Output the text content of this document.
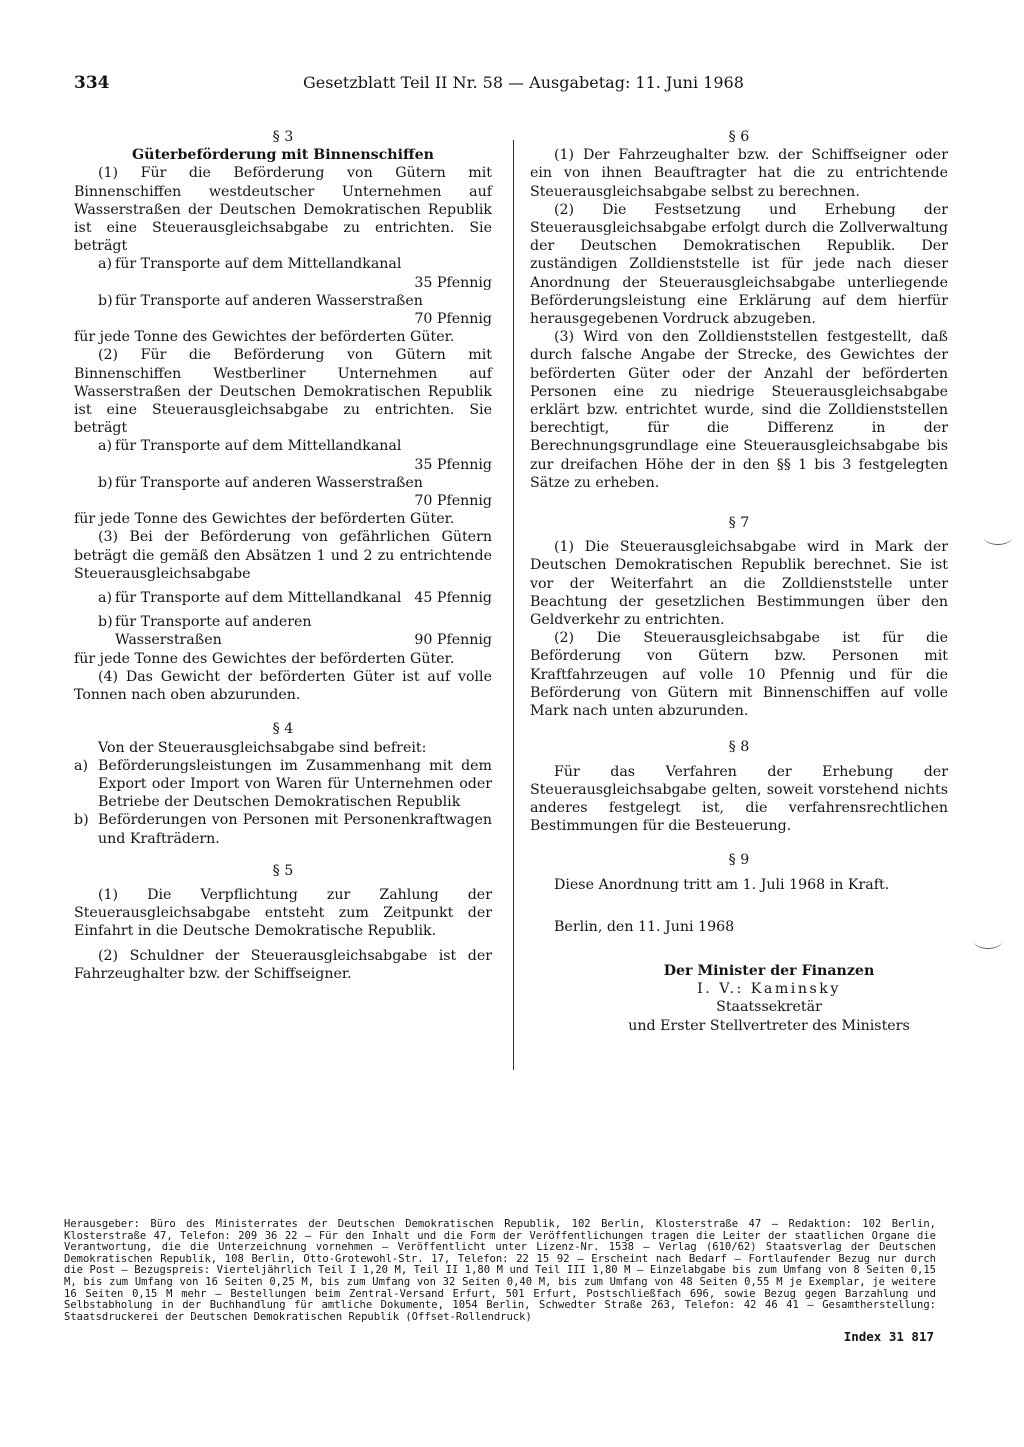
334	Gesetzblatt Teil II Nr. 58 — Ausgabetag: 11. Juni 1968

§ 3

Güterbeförderung mit Binnenschiffen

(1) Für die Beförderung von Gütern mit Binnenschiffen westdeutscher Unternehmen auf Wasserstraßen der Deutschen Demokratischen Republik ist eine Steuerausgleichsabgabe zu entrichten. Sie beträgt

a) für Transporte auf dem Mittellandkanal

35 Pfennig

b) für Transporte auf anderen Wasserstraßen

70 Pfennig

für jede Tonne des Gewichtes der beförderten Güter.

(2) Für die Beförderung von Gütern mit Binnenschiffen Westberliner Unternehmen auf Wasserstraßen der Deutschen Demokratischen Republik ist eine Steuerausgleichsabgabe zu entrichten. Sie beträgt

a) für Transporte auf dem Mittellandkanal

35 Pfennig

b) für Transporte auf anderen Wasserstraßen

70 Pfennig

für jede Tonne des Gewichtes der beförderten Güter.

(3) Bei der Beförderung von gefährlichen Gütern beträgt die gemäß den Absätzen 1 und 2 zu entrichtende Steuerausgleichsabgabe

a) für Transporte auf dem Mittellandkanal 45 Pfennig
b) für Transporte auf anderen Wasserstraßen	90 Pfennig

für jede Tonne des Gewichtes der beförderten Güter.

(4) Das Gewicht der beförderten Güter ist auf volle Tonnen nach oben abzurunden.

§ 4

Von der Steuerausgleichsabgabe sind befreit:

a) Beförderungsleistungen im Zusammenhang mit dem Export oder Import von Waren für Unternehmen oder Betriebe der Deutschen Demokratischen Republik
b) Beförderungen von Personen mit Personenkraftwagen und Krafträdern.

§ 5

(1) Die Verpflichtung zur Zahlung der Steuerausgleichsabgabe entsteht zum Zeitpunkt der Einfahrt in die Deutsche Demokratische Republik.

(2) Schuldner der Steuerausgleichsabgabe ist der Fahrzeughalter bzw. der Schiffseigner.

§ 6

(1) Der Fahrzeughalter bzw. der Schiffseigner oder ein von ihnen Beauftragter hat die zu entrichtende Steuerausgleichsabgabe selbst zu berechnen.

(2) Die Festsetzung und Erhebung der Steuerausgleichsabgabe erfolgt durch die Zollverwaltung der Deutschen Demokratischen Republik. Der zuständigen Zolldienststelle ist für jede nach dieser Anordnung der Steuerausgleichsabgabe unterliegende Beförderungsleistung eine Erklärung auf dem hierfür herausgegebenen Vordruck abzugeben.

(3) Wird von den Zolldienststellen festgestellt, daß durch falsche Angabe der Strecke, des Gewichtes der beförderten Güter oder der Anzahl der beförderten Personen eine zu niedrige Steuerausgleichsabgabe erklärt bzw. entrichtet wurde, sind die Zolldienststellen berechtigt, für die Differenz in der Berechnungsgrundlage eine Steuerausgleichsabgabe bis zur dreifachen Höhe der in den §§ 1 bis 3 festgelegten Sätze zu erheben.

§ 7

(1) Die Steuerausgleichsabgabe wird in Mark der Deutschen Demokratischen Republik berechnet. Sie ist vor der Weiterfahrt an die Zolldienststelle unter Beachtung der gesetzlichen Bestimmungen über den Geldverkehr zu entrichten.

(2) Die Steuerausgleichsabgabe ist für die Beförderung von Gütern bzw. Personen mit Kraftfahrzeugen auf volle 10 Pfennig und für die Beförderung von Gütern mit Binnenschiffen auf volle Mark nach unten abzurunden.

§ 8

Für das Verfahren der Erhebung der Steuerausgleichsabgabe gelten, soweit vorstehend nichts anderes festgelegt ist, die verfahrensrechtlichen Bestimmungen für die Besteuerung.

§ 9

Diese Anordnung tritt am 1. Juli 1968 in Kraft.

Berlin, den 11. Juni 1968

Der Minister der Finanzen

I. V.: Kaminsky

Staatssekretär

und Erster Stellvertreter des Ministers

Herausgeber: Büro des Ministerrates der Deutschen Demokratischen Republik, 102 Berlin, Klosterstraße 47 — Redaktion: 102 Berlin, Klosterstraße 47, Telefon: 209 36 22 — Für den Inhalt und die Form der Veröffentlichungen tragen die Leiter der staatlichen Organe die Verantwortung, die die Unterzeichnung vornehmen — Veröffentlicht unter Lizenz-Nr. 1538 — Verlag (610/62) Staatsverlag der Deutschen Demokratischen Republik, 108 Berlin, Otto-Grotewohl-Str. 17, Telefon: 22 15 92 — Erscheint nach Bedarf — Fortlaufender Bezug nur durch die Post — Bezugspreis: Vierteljährlich Teil I 1,20 M, Teil II 1,80 M und Teil III 1,80 M — Einzelabgabe bis zum Umfang von 8 Seiten 0,15 M, bis zum Umfang von 16 Seiten 0,25 M, bis zum Umfang von 32 Seiten 0,40 M, bis zum Umfang von 48 Seiten 0,55 M je Exemplar, je weitere 16 Seiten 0,15 M mehr — Bestellungen beim Zentral-Versand Erfurt, 501 Erfurt, Postschließfach 696, sowie Bezug gegen Barzahlung und Selbstabholung in der Buchhandlung für amtliche Dokumente, 1054 Berlin, Schwedter Straße 263, Telefon: 42 46 41 — Gesamtherstellung: Staatsdruckerei der Deutschen Demokratischen Republik (Offset-Rollendruck)

Index 31 817
